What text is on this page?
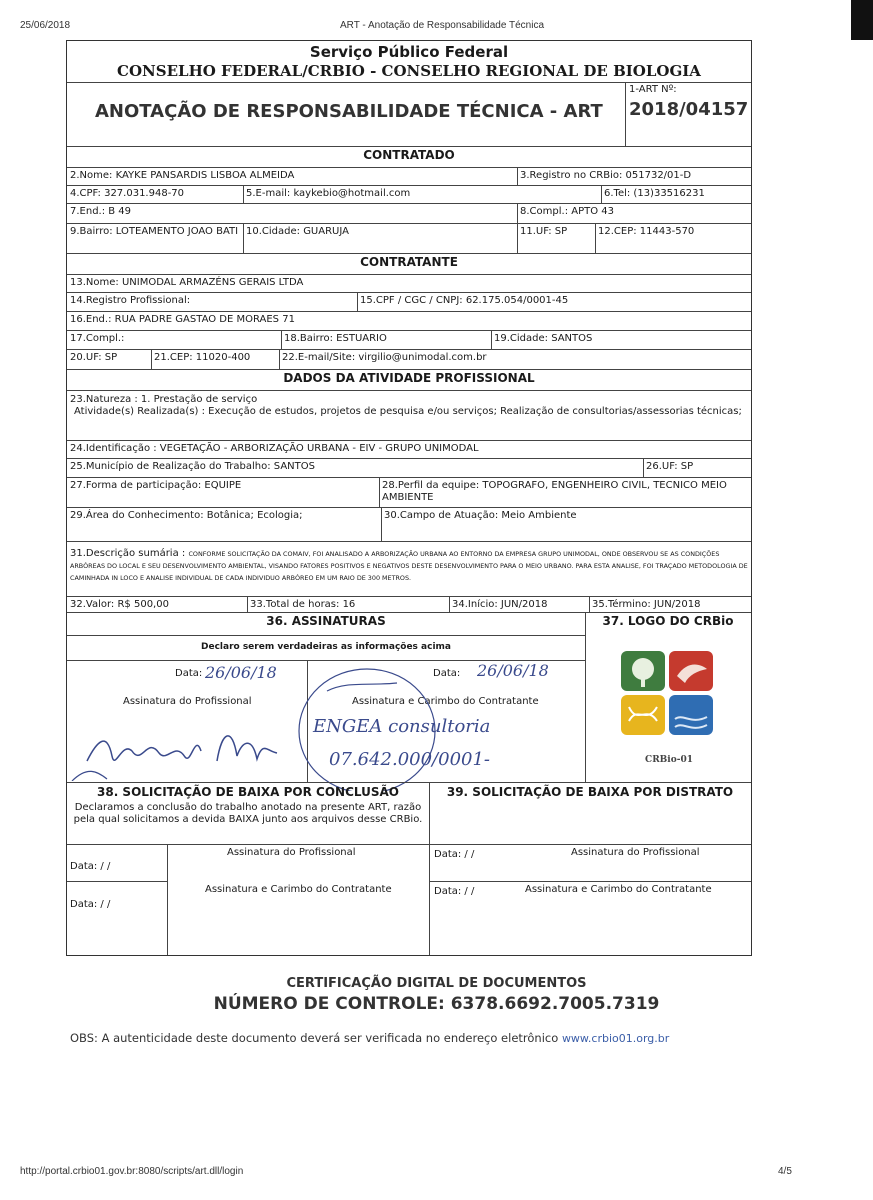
25/06/2018	ART - Anotação de Responsabilidade Técnica
Serviço Público Federal
CONSELHO FEDERAL/CRBIO - CONSELHO REGIONAL DE BIOLOGIA
ANOTAÇÃO DE RESPONSABILIDADE TÉCNICA - ART
1-ART Nº:
2018/04157
CONTRATADO
2.Nome: KAYKE PANSARDIS LISBOA ALMEIDA	3.Registro no CRBio: 051732/01-D
4.CPF: 327.031.948-70	5.E-mail: kaykebio@hotmail.com	6.Tel: (13)33516231
7.End.: B 49	8.Compl.: APTO 43
9.Bairro: LOTEAMENTO JOAO BATI 10.Cidade: GUARUJA	11.UF: SP	12.CEP: 11443-570
CONTRATANTE
13.Nome: UNIMODAL ARMAZÉNS GERAIS LTDA
14.Registro Profissional:	15.CPF / CGC / CNPJ: 62.175.054/0001-45
16.End.: RUA PADRE GASTAO DE MORAES 71
17.Compl.:	18.Bairro: ESTUARIO	19.Cidade: SANTOS
20.UF: SP	21.CEP: 11020-400	22.E-mail/Site: virgilio@unimodal.com.br
DADOS DA ATIVIDADE PROFISSIONAL
23.Natureza : 1. Prestação de serviço
Atividade(s) Realizada(s) : Execução de estudos, projetos de pesquisa e/ou serviços; Realização de consultorias/assessorias técnicas;
24.Identificação : VEGETAÇÃO - ARBORIZAÇÃO URBANA - EIV - GRUPO UNIMODAL
25.Município de Realização do Trabalho: SANTOS	26.UF: SP
27.Forma de participação: EQUIPE	28.Perfil da equipe: TOPOGRAFO, ENGENHEIRO CIVIL, TECNICO MEIO AMBIENTE
29.Área do Conhecimento: Botânica; Ecologia;	30.Campo de Atuação: Meio Ambiente
31.Descrição sumária : CONFORME SOLICITAÇÃO DA COMAIV, FOI ANALISADO A ARBORIZAÇÃO URBANA AO ENTORNO DA EMPRESA GRUPO UNIMODAL, ONDE OBSERVOU SE AS CONDIÇÕES ARBÓREAS DO LOCAL E SEU DESENVOLVIMENTO AMBIENTAL, VISANDO FATORES POSITIVOS E NEGATIVOS DESTE DESENVOLVIMENTO PARA O MEIO URBANO. PARA ESTA ANALISE, FOI TRAÇADO METODOLOGIA DE CAMINHADA IN LOCO E ANALISE INDIVIDUAL DE CADA INDIVIDUO ARBÓREO EM UM RAIO DE 300 METROS.
32.Valor: R$ 500,00	33.Total de horas: 16	34.Início: JUN/2018	35.Término: JUN/2018
36. ASSINATURAS	37. LOGO DO CRBio
Declaro serem verdadeiras as informações acima
Data: 26/06/18
Assinatura do Profissional
Data: 26/06/18
Assinatura e Carimbo do Contratante
ENGEA consultoria
07.642.000/0001-	CRBio-01
38. SOLICITAÇÃO DE BAIXA POR CONCLUSÃO
Declaramos a conclusão do trabalho anotado na presente ART, razão pela qual solicitamos a devida BAIXA junto aos arquivos desse CRBio.
39. SOLICITAÇÃO DE BAIXA POR DISTRATO
Data: / /
Assinatura do Profissional
Data: / /
Assinatura e Carimbo do Contratante
Data: / /	Assinatura do Profissional
Data: / /	Assinatura e Carimbo do Contratante
CERTIFICAÇÃO DIGITAL DE DOCUMENTOS
NÚMERO DE CONTROLE: 6378.6692.7005.7319
OBS: A autenticidade deste documento deverá ser verificada no endereço eletrônico www.crbio01.org.br
http://portal.crbio01.gov.br:8080/scripts/art.dll/login	4/5
